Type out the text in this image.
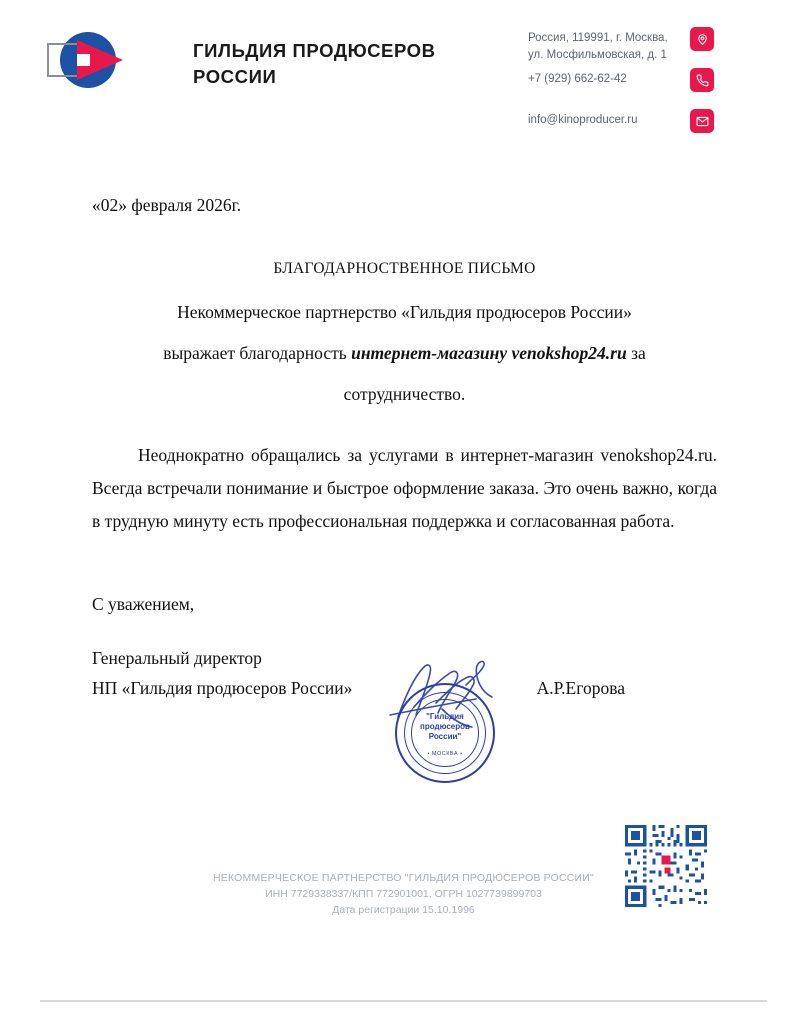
ГИЛЬДИЯ ПРОДЮСЕРОВ РОССИИ
Россия, 119991, г. Москва,
ул. Мосфильмовская, д. 1
+7 (929) 662-62-42
info@kinoproducer.ru
«02» февраля 2026г.
БЛАГОДАРНОСТВЕННОЕ ПИСЬМО
Некоммерческое партнерство «Гильдия продюсеров России»
выражает благодарность интернет-магазину venokshop24.ru за
сотрудничество.

Неоднократно обращались за услугами в интернет-магазин venokshop24.ru. Всегда встречали понимание и быстрое оформление заказа. Это очень важно, когда в трудную минуту есть профессиональная поддержка и согласованная работа.

С уважением,
Генеральный директор
НП «Гильдия продюсеров России»	А.Р.Егорова
"Гильдия
продюсеров
России"
• МОСКВА •
НЕКОММЕРЧЕСКОЕ ПАРТНЕРСТВО "ГИЛЬДИЯ ПРОДЮСЕРОВ РОССИИ"
ИНН 7729338337/КПП 772901001, ОГРН 1027739899703
Дата регистрации 15.10.1996
